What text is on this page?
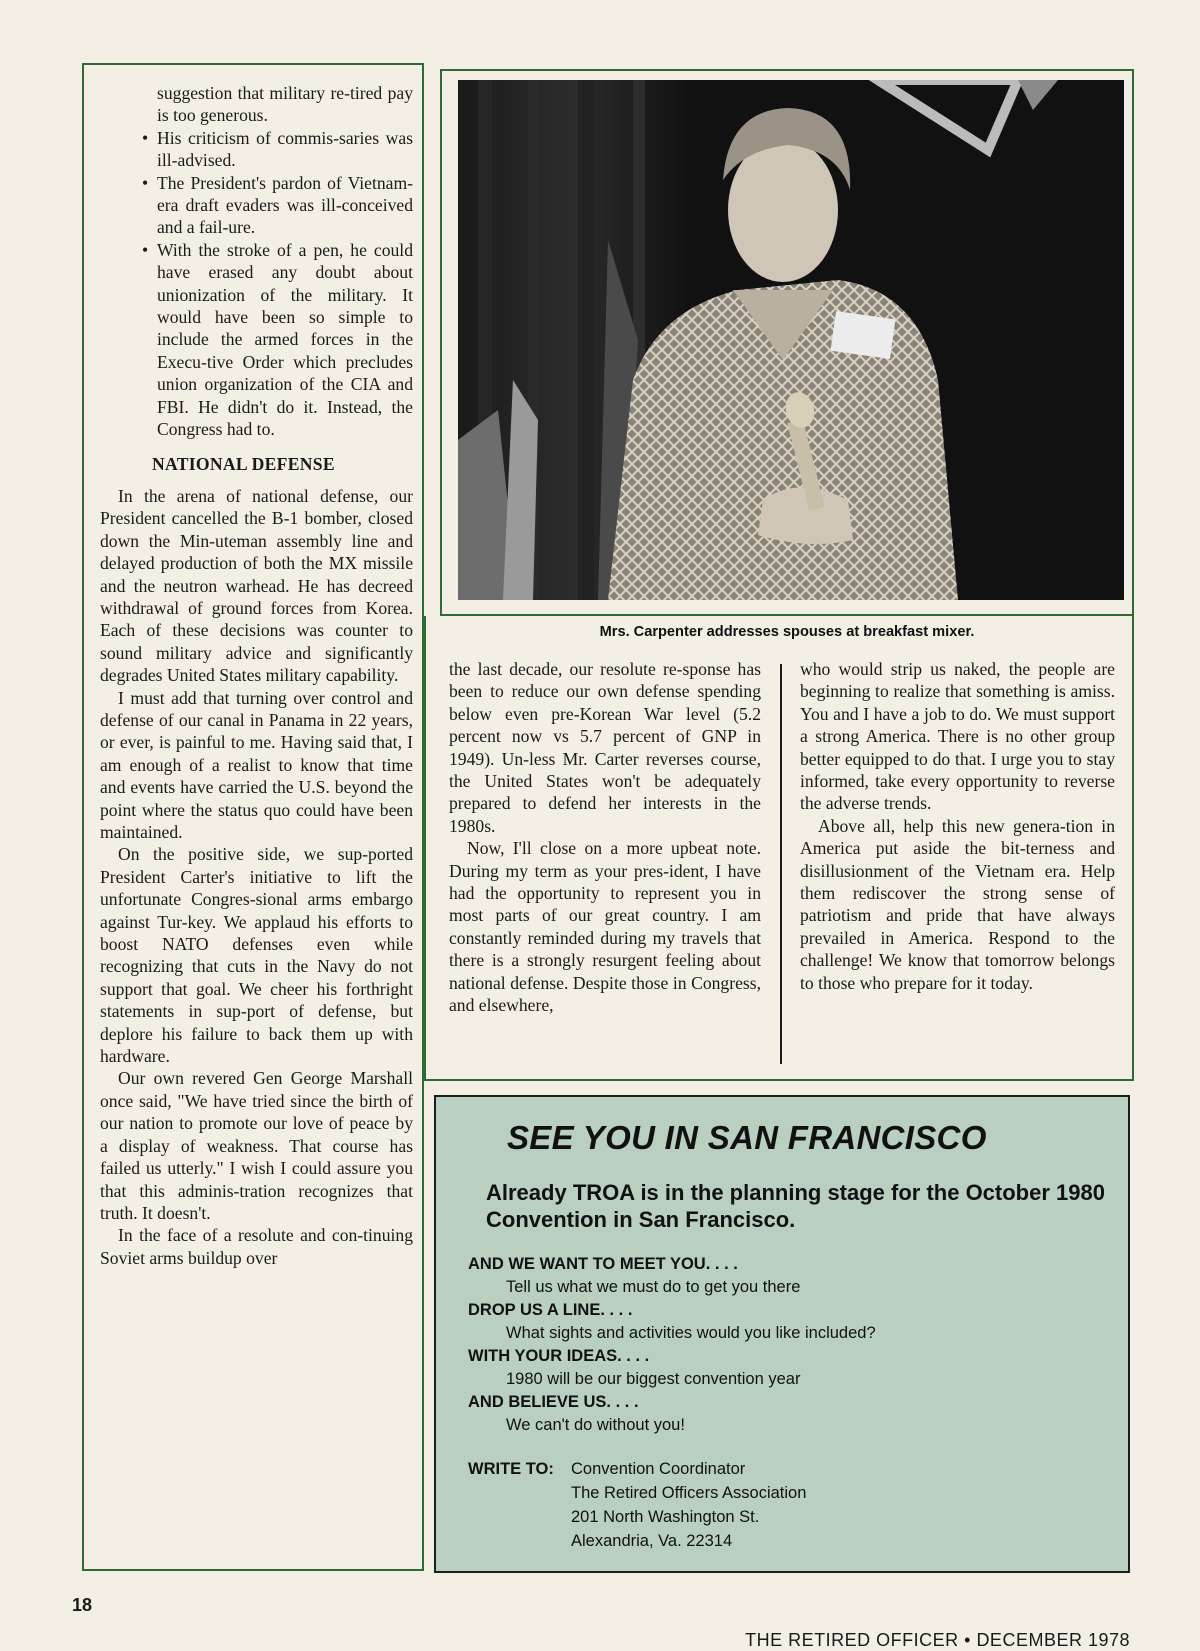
suggestion that military re-tired pay is too generous.

• His criticism of commis-saries was ill-advised.
• The President's pardon of Vietnam-era draft evaders was ill-conceived and a fail-ure.
• With the stroke of a pen, he could have erased any doubt about unionization of the military. It would have been so simple to include the armed forces in the Execu-tive Order which precludes union organization of the CIA and FBI. He didn't do it. Instead, the Congress had to.
NATIONAL DEFENSE

In the arena of national defense, our President cancelled the B-1 bomber, closed down the Min-uteman assembly line and delayed production of both the MX missile and the neutron warhead. He has decreed withdrawal of ground forces from Korea. Each of these decisions was counter to sound military advice and significantly degrades United States military capability.

I must add that turning over control and defense of our canal in Panama in 22 years, or ever, is painful to me. Having said that, I am enough of a realist to know that time and events have carried the U.S. beyond the point where the status quo could have been maintained.

On the positive side, we sup-ported President Carter's initiative to lift the unfortunate Congres-sional arms embargo against Tur-key. We applaud his efforts to boost NATO defenses even while recognizing that cuts in the Navy do not support that goal. We cheer his forthright statements in sup-port of defense, but deplore his failure to back them up with hardware.

Our own revered Gen George Marshall once said, "We have tried since the birth of our nation to promote our love of peace by a display of weakness. That course has failed us utterly." I wish I could assure you that this adminis-tration recognizes that truth. It doesn't.

In the face of a resolute and con-tinuing Soviet arms buildup over

Mrs. Carpenter addresses spouses at breakfast mixer.

the last decade, our resolute re-sponse has been to reduce our own defense spending below even pre-Korean War level (5.2 percent now vs 5.7 percent of GNP in 1949). Un-less Mr. Carter reverses course, the United States won't be adequately prepared to defend her interests in the 1980s.

Now, I'll close on a more upbeat note. During my term as your pres-ident, I have had the opportunity to represent you in most parts of our great country. I am constantly reminded during my travels that there is a strongly resurgent feeling about national defense. Despite those in Congress, and elsewhere,

who would strip us naked, the people are beginning to realize that something is amiss. You and I have a job to do. We must support a strong America. There is no other group better equipped to do that. I urge you to stay informed, take every opportunity to reverse the adverse trends.

Above all, help this new genera-tion in America put aside the bit-terness and disillusionment of the Vietnam era. Help them rediscover the strong sense of patriotism and pride that have always prevailed in America. Respond to the challenge! We know that tomorrow belongs to those who prepare for it today.

SEE YOU IN SAN FRANCISCO
Already TROA is in the planning stage for the October 1980 Convention in San Francisco.
AND WE WANT TO MEET YOU. . . .
Tell us what we must do to get you there
DROP US A LINE. . . .
What sights and activities would you like included?
WITH YOUR IDEAS. . . .
1980 will be our biggest convention year
AND BELIEVE US. . . .
We can't do without you!
WRITE TO: Convention Coordinator
The Retired Officers Association
201 North Washington St.
Alexandria, Va. 22314
18
THE RETIRED OFFICER • DECEMBER 1978
